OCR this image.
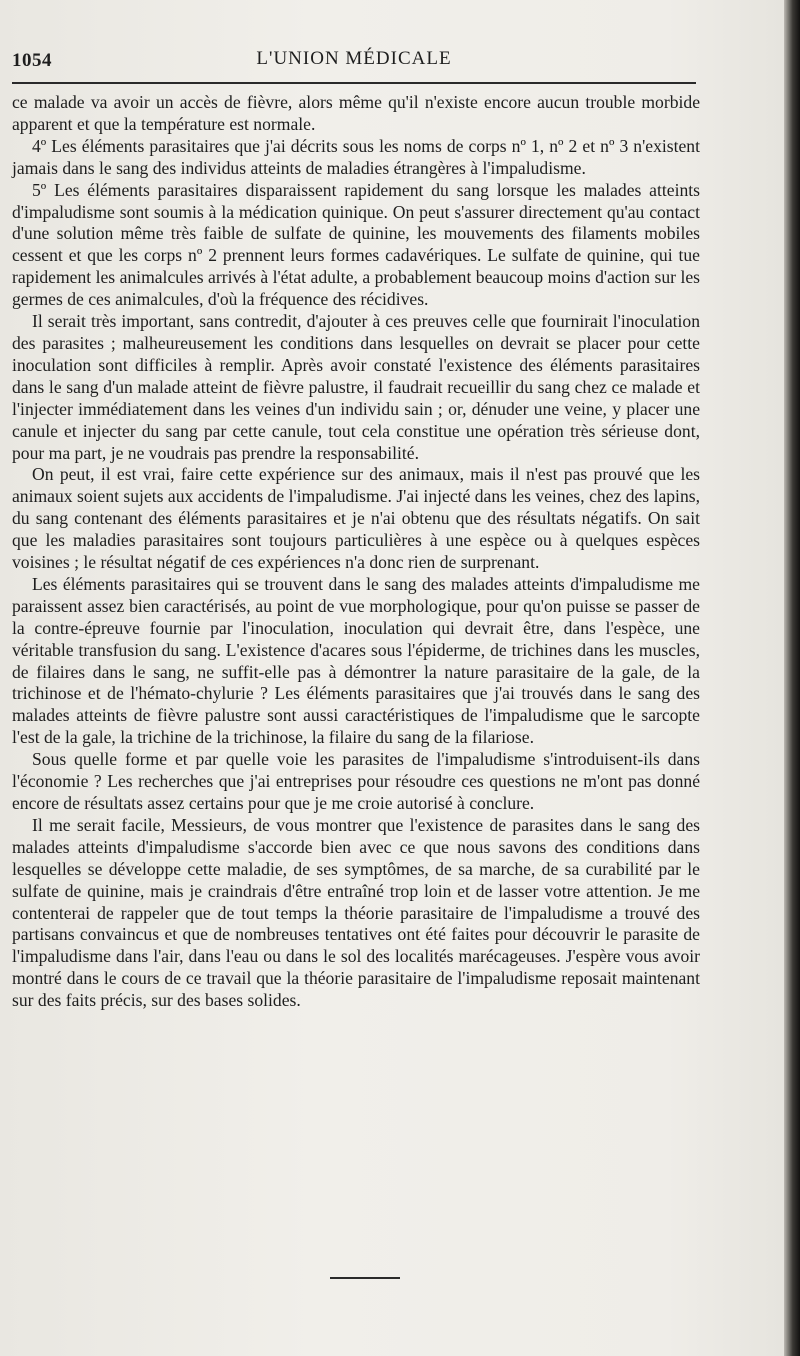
1054	L'UNION MÉDICALE

ce malade va avoir un accès de fièvre, alors même qu'il n'existe encore aucun trouble morbide apparent et que la température est normale.

4º Les éléments parasitaires que j'ai décrits sous les noms de corps nº 1, nº 2 et nº 3 n'existent jamais dans le sang des individus atteints de maladies étrangères à l'impaludisme.

5º Les éléments parasitaires disparaissent rapidement du sang lorsque les malades atteints d'impaludisme sont soumis à la médication quinique. On peut s'assurer directement qu'au contact d'une solution même très faible de sulfate de quinine, les mouvements des filaments mobiles cessent et que les corps nº 2 prennent leurs formes cadavériques. Le sulfate de quinine, qui tue rapidement les animalcules arrivés à l'état adulte, a probablement beaucoup moins d'action sur les germes de ces animalcules, d'où la fréquence des récidives.

Il serait très important, sans contredit, d'ajouter à ces preuves celle que fournirait l'inoculation des parasites ; malheureusement les conditions dans lesquelles on devrait se placer pour cette inoculation sont difficiles à remplir. Après avoir constaté l'existence des éléments parasitaires dans le sang d'un malade atteint de fièvre palustre, il faudrait recueillir du sang chez ce malade et l'injecter immédiatement dans les veines d'un individu sain ; or, dénuder une veine, y placer une canule et injecter du sang par cette canule, tout cela constitue une opération très sérieuse dont, pour ma part, je ne voudrais pas prendre la responsabilité.

On peut, il est vrai, faire cette expérience sur des animaux, mais il n'est pas prouvé que les animaux soient sujets aux accidents de l'impaludisme. J'ai injecté dans les veines, chez des lapins, du sang contenant des éléments parasitaires et je n'ai obtenu que des résultats négatifs. On sait que les maladies parasitaires sont toujours particulières à une espèce ou à quelques espèces voisines ; le résultat négatif de ces expériences n'a donc rien de surprenant.

Les éléments parasitaires qui se trouvent dans le sang des malades atteints d'impaludisme me paraissent assez bien caractérisés, au point de vue morphologique, pour qu'on puisse se passer de la contre-épreuve fournie par l'inoculation, inoculation qui devrait être, dans l'espèce, une véritable transfusion du sang. L'existence d'acares sous l'épiderme, de trichines dans les muscles, de filaires dans le sang, ne suffit-elle pas à démontrer la nature parasitaire de la gale, de la trichinose et de l'hémato-chylurie ? Les éléments parasitaires que j'ai trouvés dans le sang des malades atteints de fièvre palustre sont aussi caractéristiques de l'impaludisme que le sarcopte l'est de la gale, la trichine de la trichinose, la filaire du sang de la filariose.

Sous quelle forme et par quelle voie les parasites de l'impaludisme s'introduisent-ils dans l'économie ? Les recherches que j'ai entreprises pour résoudre ces questions ne m'ont pas donné encore de résultats assez certains pour que je me croie autorisé à conclure.

Il me serait facile, Messieurs, de vous montrer que l'existence de parasites dans le sang des malades atteints d'impaludisme s'accorde bien avec ce que nous savons des conditions dans lesquelles se développe cette maladie, de ses symptômes, de sa marche, de sa curabilité par le sulfate de quinine, mais je craindrais d'être entraîné trop loin et de lasser votre attention. Je me contenterai de rappeler que de tout temps la théorie parasitaire de l'impaludisme a trouvé des partisans convaincus et que de nombreuses tentatives ont été faites pour découvrir le parasite de l'impaludisme dans l'air, dans l'eau ou dans le sol des localités marécageuses. J'espère vous avoir montré dans le cours de ce travail que la théorie parasitaire de l'impaludisme reposait maintenant sur des faits précis, sur des bases solides.
